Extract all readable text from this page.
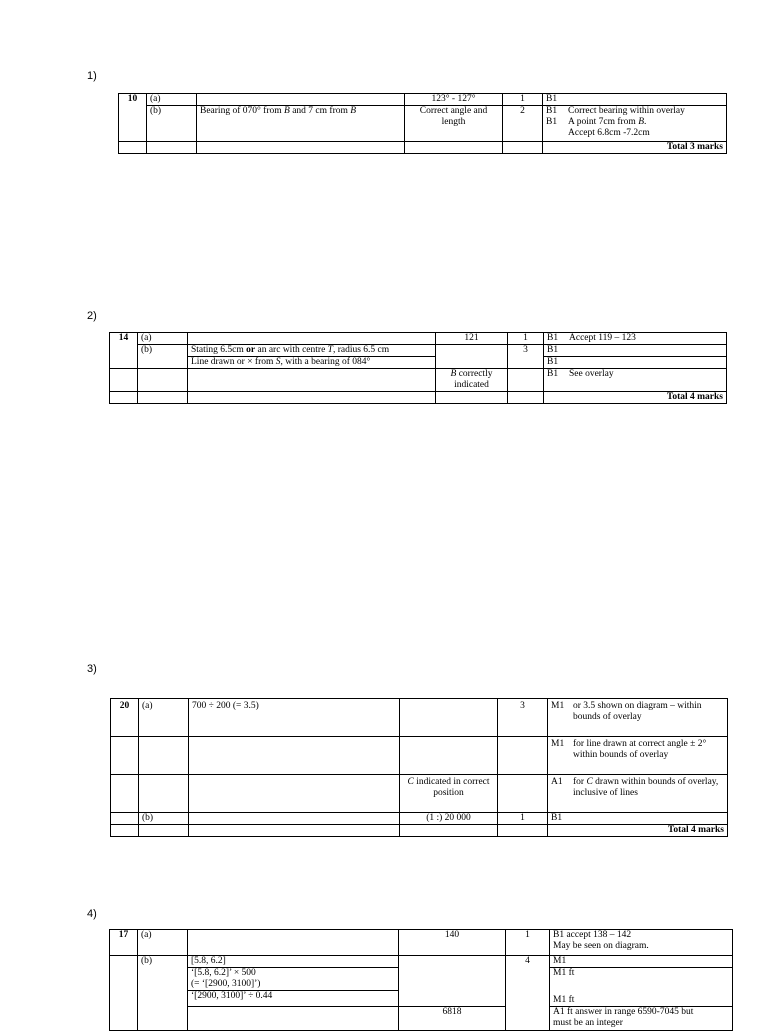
1)
10	(a)		123° - 127°	1	B1
	(b)	Bearing of 070° from B and 7 cm from B	Correct angle and length	2	B1 Correct bearing within overlay
B1 A point 7cm from B.
Accept 6.8cm -7.2cm

					Total 3 marks
2)
14	(a)		121	1	B1 Accept 119 – 123
	(b)	Stating 6.5cm or an arc with centre T, radius 6.5 cm		3	B1
		Line drawn or × from S, with a bearing of 084°			B1
			B correctly indicated		B1 See overlay
					Total 4 marks
3)
20	(a)	700 ÷ 200 (= 3.5)		3	M1 or 3.5 shown on diagram – within bounds of overlay

					M1 for line drawn at correct angle ± 2° within bounds of overlay

			C indicated in correct position		A1 for C drawn within bounds of overlay, inclusive of lines

	(b)		(1 :) 20 000	1	B1
					Total 4 marks
4)
17	(a)		140	1	B1 accept 138 – 142
May be seen on diagram.

	(b)	[5.8, 6.2]		4	M1

		‘[5.8, 6.2]’ × 500
(= ‘[2900, 3100]’)			M1 ft
		‘[2900, 3100]’ ÷ 0.44			M1 ft
			6818		A1 ft answer in range 6590-7045 but
must be an integer
